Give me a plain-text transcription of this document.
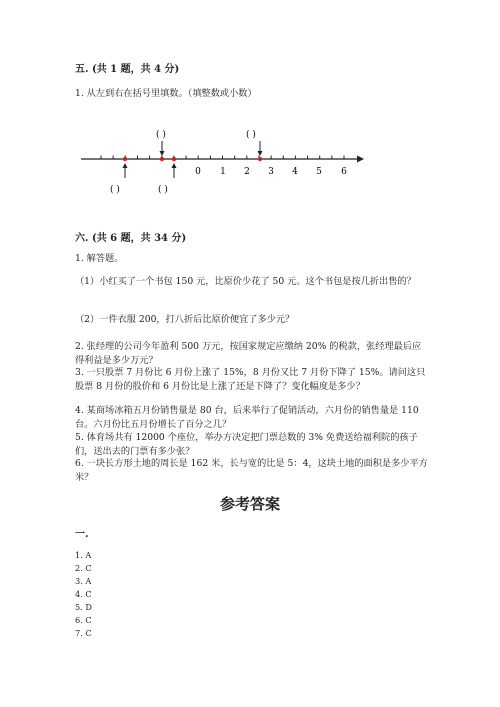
五. (共 1 题，共 4 分)
1. 从左到右在括号里填数。（填整数或小数）
0 1 2 3 4 5 6
( )	( )
( )	( )
六. (共 6 题，共 34 分)
1. 解答题。
（1）小红买了一个书包 150 元，比原价少花了 50 元。这个书包是按几折出售的？
（2）一件衣服 200，打八折后比原价便宜了多少元？
2. 张经理的公司今年盈利 500 万元，按国家规定应缴纳 20% 的税款，张经理最后应得利益是多少万元？
3. 一只股票 7 月份比 6 月份上涨了 15%，8 月份又比 7 月份下降了 15%。请问这只股票 8 月份的股价和 6 月份比是上涨了还是下降了？变化幅度是多少？
4. 某商场冰箱五月份销售量是 80 台，后来举行了促销活动，六月份的销售量是 110 台。六月份比五月份增长了百分之几？
5. 体育场共有 12000 个座位，举办方决定把门票总数的 3% 免费送给福利院的孩子们，送出去的门票有多少张？
6. 一块长方形土地的周长是 162 米，长与宽的比是 5：4，这块土地的面积是多少平方米？
参考答案
一.
1. A
2. C
3. A
4. C
5. D
6. C
7. C
